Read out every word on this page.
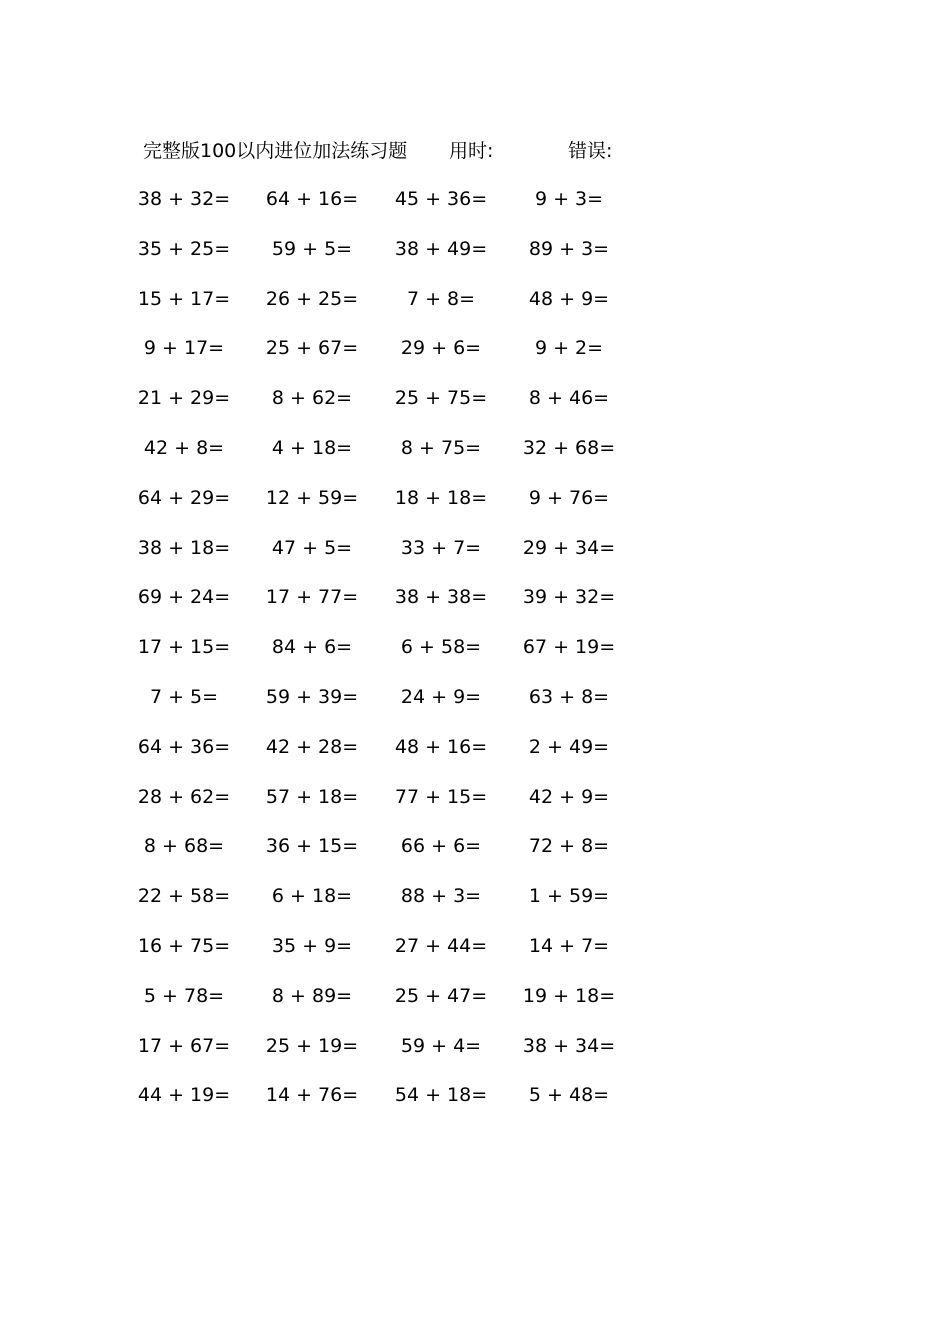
完整版100以内进位加法练习题 用时:	错误:
38 + 32= 64 + 16= 45 + 36=	9 + 3=
35 + 25=	59 + 5=	38 + 49=	89 + 3=
15 + 17= 26 + 25=	7 + 8=	48 + 9=
9 + 17=	25 + 67=	29 + 6=	9 + 2=
21 + 29=	8 + 62=	25 + 75=	8 + 46=
42 + 8=	4 + 18=	8 + 75=	32 + 68=
64 + 29= 12 + 59= 18 + 18=	9 + 76=
38 + 18=	47 + 5=	33 + 7=	29 + 34=
69 + 24= 17 + 77= 38 + 38= 39 + 32=
17 + 15=	84 + 6=	6 + 58=	67 + 19=
7 + 5=	59 + 39=	24 + 9=	63 + 8=
64 + 36= 42 + 28= 48 + 16=	2 + 49=
28 + 62= 57 + 18= 77 + 15=	42 + 9=
8 + 68=	36 + 15=	66 + 6=	72 + 8=
22 + 58=	6 + 18=	88 + 3=	1 + 59=
16 + 75=	35 + 9=	27 + 44=	14 + 7=
5 + 78=	8 + 89=	25 + 47= 19 + 18=
17 + 67= 25 + 19=	59 + 4=	38 + 34=
44 + 19= 14 + 76= 54 + 18=	5 + 48=
